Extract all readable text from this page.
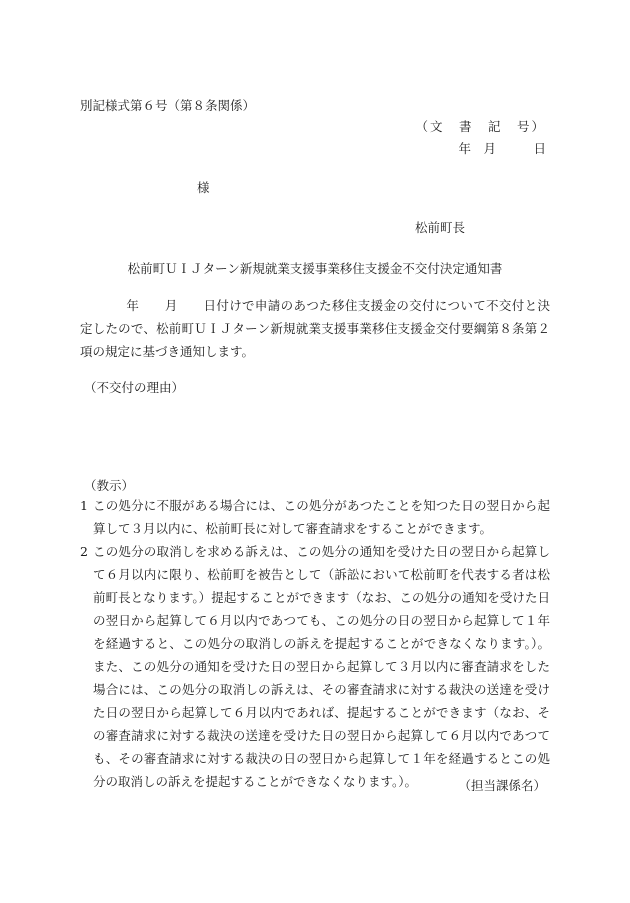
別記様式第６号（第８条関係）
（文　書　記　号）
年　月　　　日
様
松前町長
松前町ＵＩＪターン新規就業支援事業移住支援金不交付決定通知書
年　　月　　日付けで申請のあつた移住支援金の交付について不交付と決定したので、松前町ＵＩＪターン新規就業支援事業移住支援金交付要綱第８条第２項の規定に基づき通知します。
（不交付の理由）
（教示）
1 この処分に不服がある場合には、この処分があつたことを知つた日の翌日から起算して３月以内に、松前町長に対して審査請求をすることができます。
2 この処分の取消しを求める訴えは、この処分の通知を受けた日の翌日から起算して６月以内に限り、松前町を被告として（訴訟において松前町を代表する者は松前町長となります。）提起することができます（なお、この処分の通知を受けた日の翌日から起算して６月以内であつても、この処分の日の翌日から起算して１年を経過すると、この処分の取消しの訴えを提起することができなくなります。）。また、この処分の通知を受けた日の翌日から起算して３月以内に審査請求をした場合には、この処分の取消しの訴えは、その審査請求に対する裁決の送達を受けた日の翌日から起算して６月以内であれば、提起することができます（なお、その審査請求に対する裁決の送達を受けた日の翌日から起算して６月以内であつても、その審査請求に対する裁決の日の翌日から起算して１年を経過するとこの処分の取消しの訴えを提起することができなくなります。）。	（担当課係名）
